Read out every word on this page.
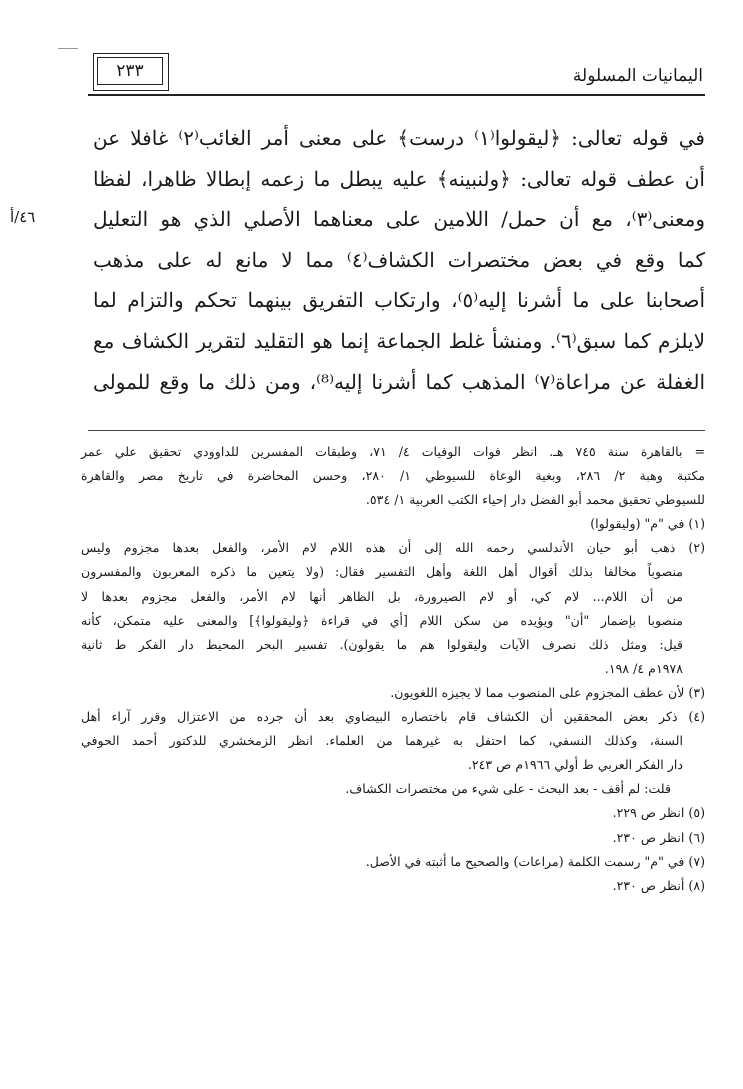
اليمانيات المسلولة
٢٣٣
٤٦/أ
في قوله تعالى: ﴿ليقولوا⁽١⁾ درست﴾ على معنى أمر الغائب⁽٢⁾ غافلا عن
أن عطف قوله تعالى: ﴿ولنبينه﴾ عليه يبطل ما زعمه إبطالا ظاهرا، لفظا
ومعنى⁽٣⁾، مع أن حمل/ اللامين على معناهما الأصلي الذي هو التعليل
كما وقع في بعض مختصرات الكشاف⁽٤⁾ مما لا مانع له على مذهب
أصحابنا على ما أشرنا إليه⁽٥⁾، وارتكاب التفريق بينهما تحكم والتزام لما
لايلزم كما سبق⁽٦⁾. ومنشأ غلط الجماعة إنما هو التقليد لتقرير الكشاف مع
الغفلة عن مراعاة⁽٧⁾ المذهب كما أشرنا إليه⁽⁸⁾، ومن ذلك ما وقع للمولى
= بالقاهرة سنة ٧٤٥ هـ. انظر فوات الوفيات ٤/ ٧١، وطبقات المفسرين للداوودي تحقيق علي عمر
مكتبة وهبة ٢/ ٢٨٦، وبغية الوعاة للسيوطي ١/ ٢٨٠، وحسن المحاضرة في تاريخ مصر والقاهرة
للسيوطي تحقيق محمد أبو الفضل دار إحياء الكتب العربية ١/ ٥٣٤.
(١) في "م" (وليقولوا)
(٢) ذهب أبو حيان الأندلسي رحمه الله إلى أن هذه اللام لام الأمر، والفعل بعدها مجزوم وليس
منصوباً مخالفا بذلك أقوال أهل اللغة وأهل التفسير فقال: (ولا يتعين ما ذكره المعربون والمفسرون
من أن اللام... لام كي، أو لام الصيرورة، بل الظاهر أنها لام الأمر، والفعل مجزوم بعدها لا
منصوبا بإضمار "أن" ويؤيده من سكن اللام [أي في قراءة ﴿وليقولوا﴾] والمعنى عليه متمكن، كأنه
قيل: ومثل ذلك نصرف الآيات وليقولوا هم ما يقولون). تفسير البحر المحيط دار الفكر ط ثانية
١٩٧٨م ٤/ ١٩٨.
(٣) لأن عطف المجزوم على المنصوب مما لا يجيزه اللغويون.
(٤) ذكر بعض المحققين أن الكشاف قام باختصاره البيضاوي بعد أن جرده من الاعتزال وقرر آراء أهل
السنة، وكذلك النسفي، كما احتفل به غيرهما من العلماء. انظر الزمخشري للدكتور أحمد الحوفي
دار الفكر العربي ط أولي ١٩٦٦م ص ٢٤٣.
قلت: لم أقف - بعد البحث - على شيء من مختصرات الكشاف.
(٥) انظر ص ٢٢٩.
(٦) انظر ص ٢٣٠.
(٧) في "م" رسمت الكلمة (مراعات) والصحيح ما أثبته في الأصل.
(٨) أنظر ص ٢٣٠.
